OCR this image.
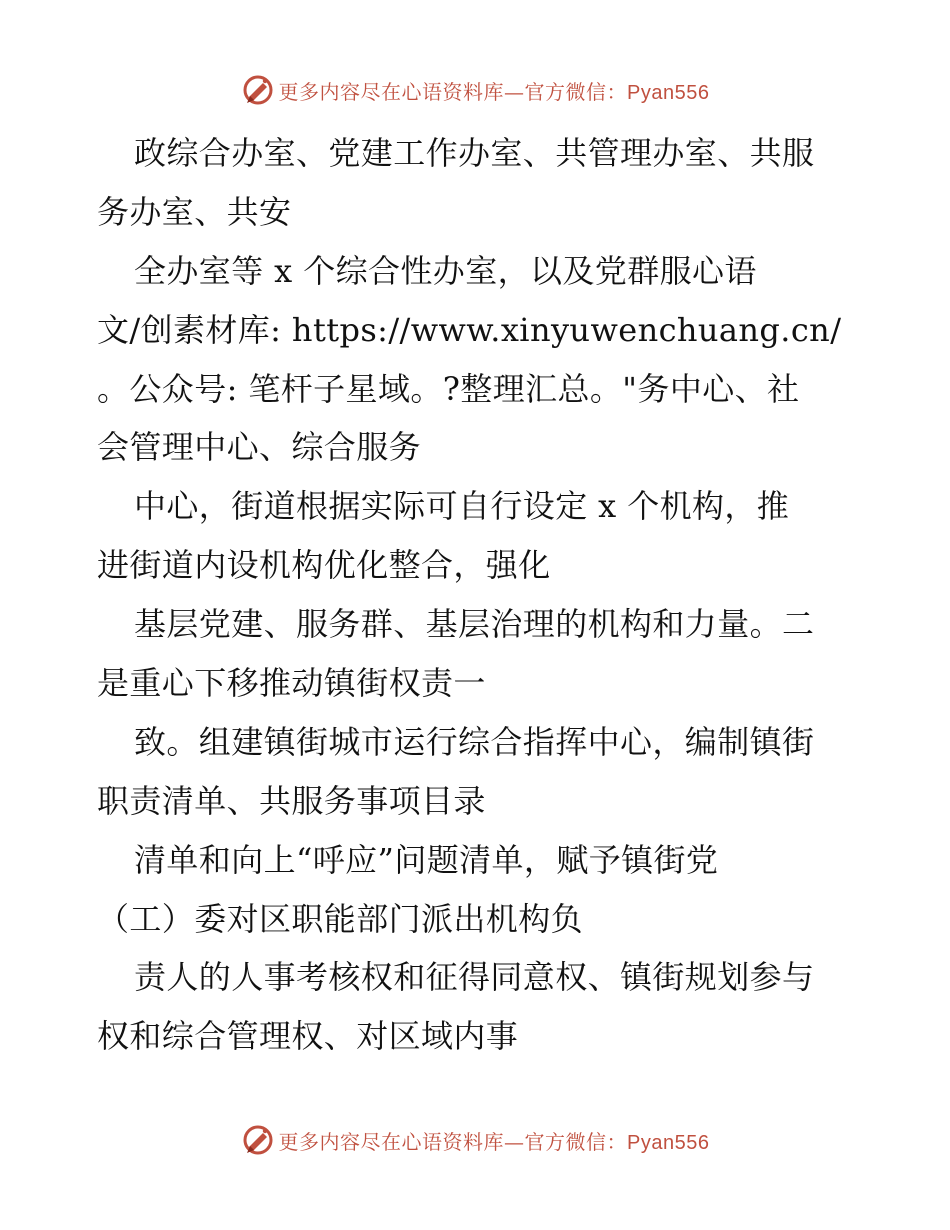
更多内容尽在心语资料库—官方微信：Pyan556
政综合办室、党建工作办室、共管理办室、共服
务办室、共安
全办室等 x 个综合性办室，以及党群服心语
文/创素材库: https://www.xinyuwenchuang.cn/
。公众号: 笔杆子星域。?整理汇总。"务中心、社
会管理中心、综合服务
中心，街道根据实际可自行设定 x 个机构，推
进街道内设机构优化整合，强化
基层党建、服务群、基层治理的机构和力量。二
是重心下移推动镇街权责一
致。组建镇街城市运行综合指挥中心，编制镇街
职责清单、共服务事项目录
清单和向上“呼应”问题清单，赋予镇街党
（工）委对区职能部门派出机构负
责人的人事考核权和征得同意权、镇街规划参与
权和综合管理权、对区域内事
更多内容尽在心语资料库—官方微信：Pyan556
